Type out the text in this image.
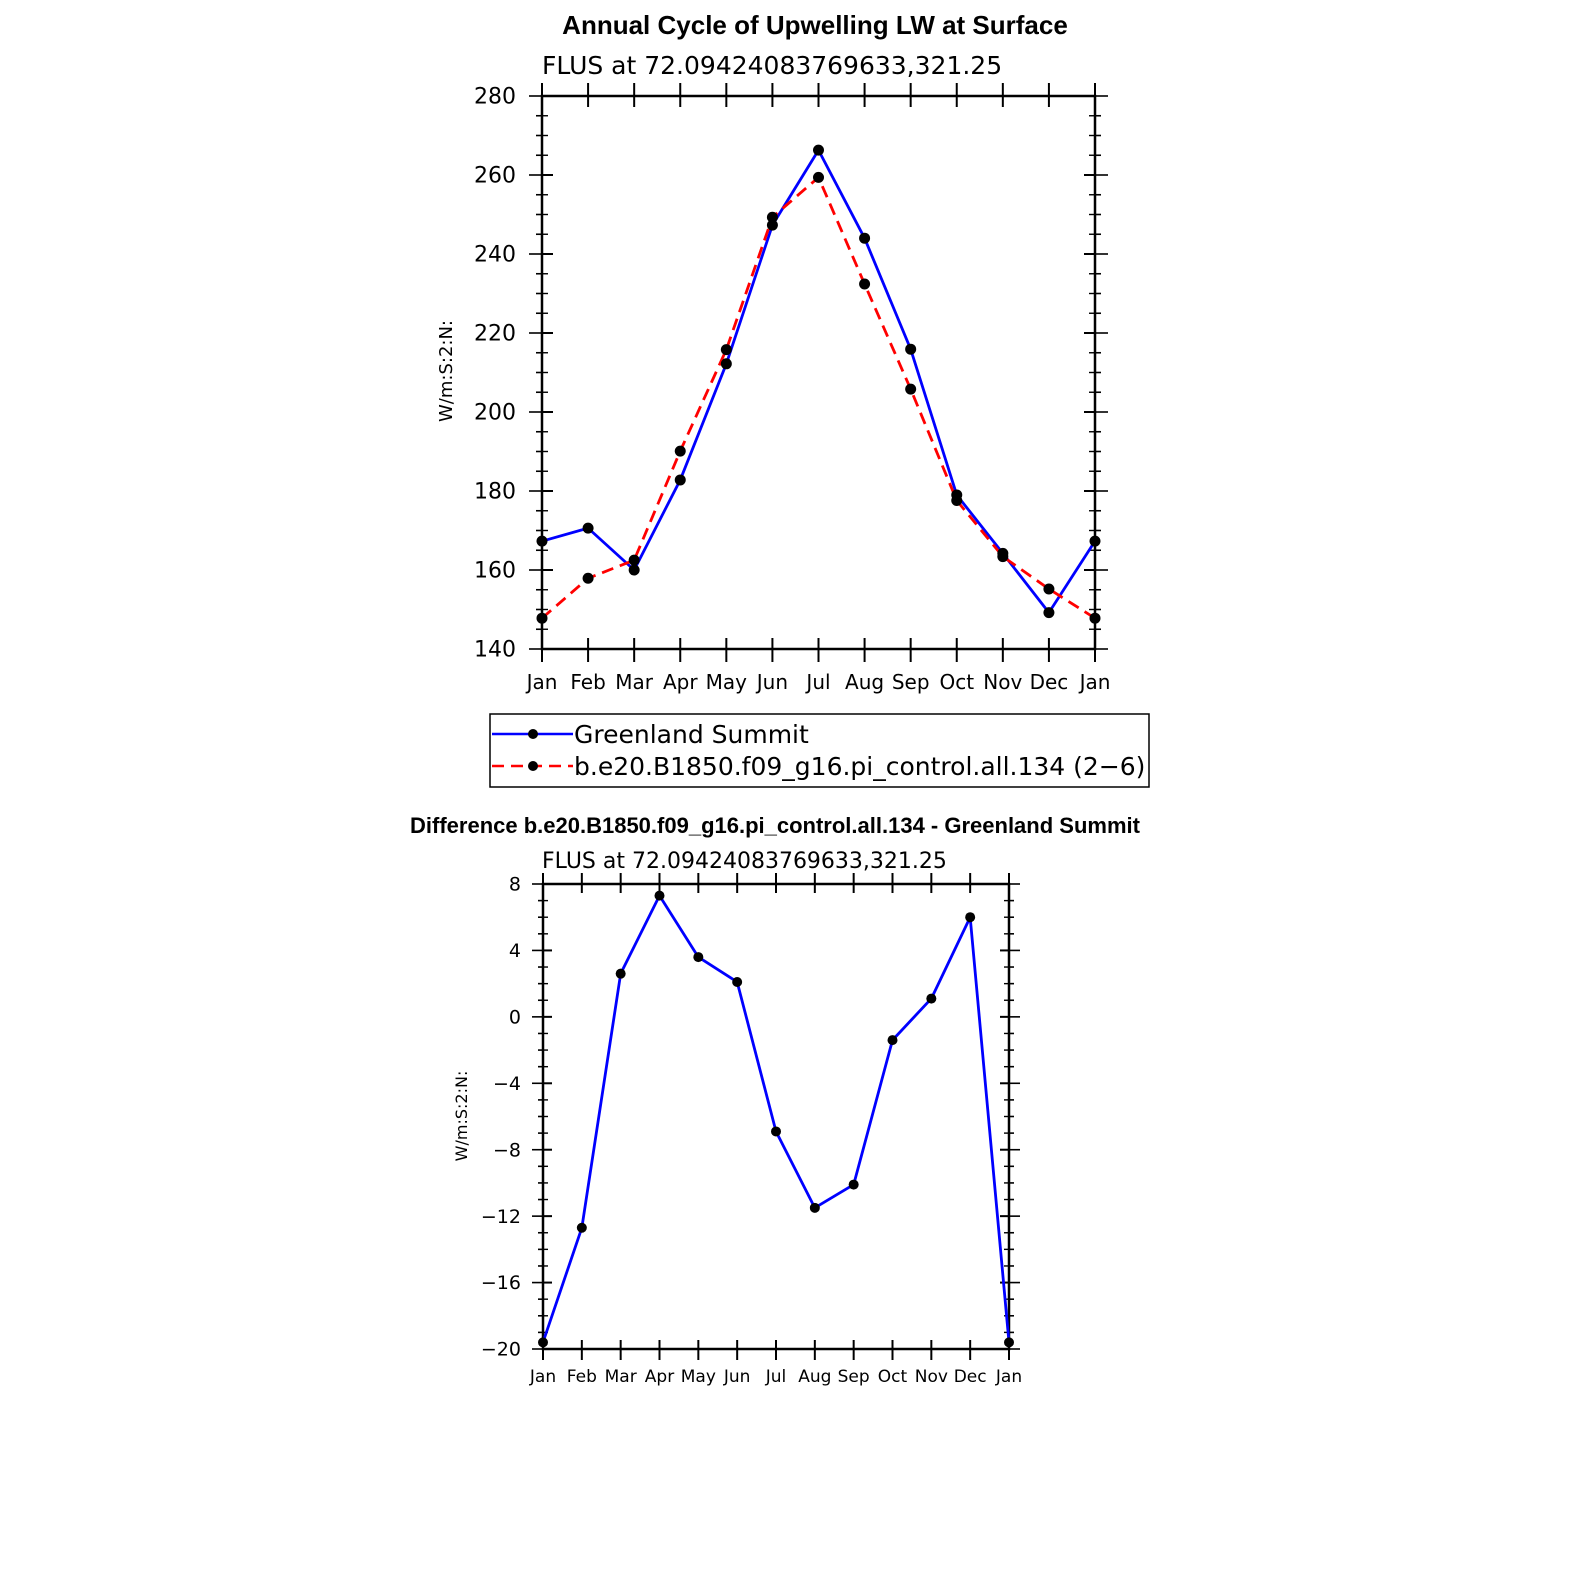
Annual Cycle of Upwelling LW at Surface
FLUS at 72.09424083769633,321.25
W/m:S:2:N:
Jan Feb Mar Apr May Jun Jul Aug Sep Oct Nov Dec Jan
140
160
180
200
220
240
260
280
Greenland Summit
b.e20.B1850.f09_g16.pi_control.all.134 (2−6)
Difference b.e20.B1850.f09_g16.pi_control.all.134 - Greenland Summit
FLUS at 72.09424083769633,321.25
W/m:S:2:N:
Jan Feb Mar Apr May Jun Jul Aug Sep Oct Nov Dec Jan
−20
−16
−12
−8
−4
0
4
8
